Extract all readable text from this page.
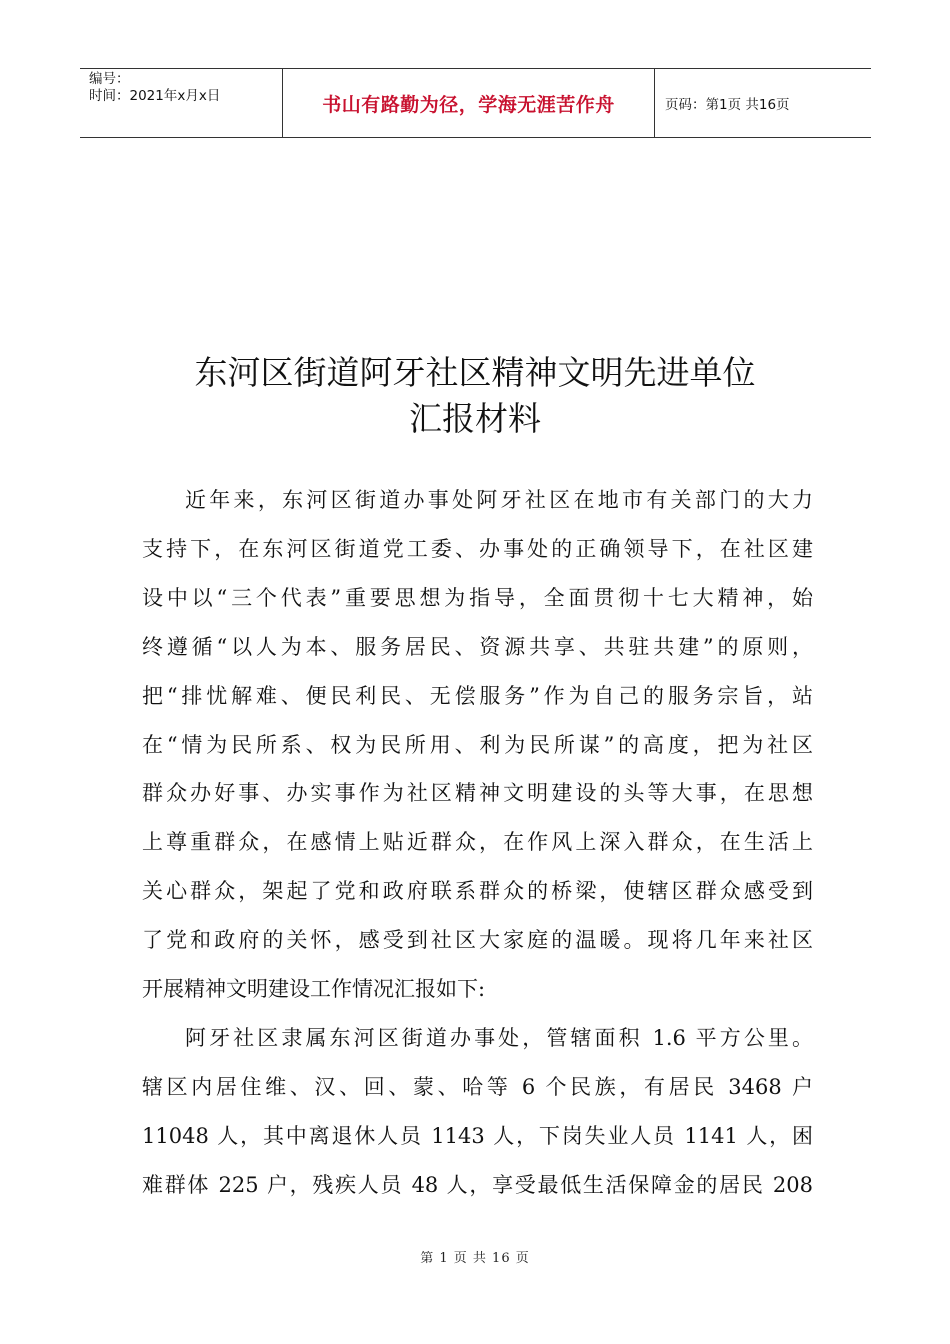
编号：
时间：2021年x月x日	书山有路勤为径，学海无涯苦作舟	页码：第1页 共16页
东河区街道阿牙社区精神文明先进单位
汇报材料
近年来，东河区街道办事处阿牙社区在地市有关部门的大力
支持下，在东河区街道党工委、办事处的正确领导下，在社区建
设中以“三个代表”重要思想为指导，全面贯彻十七大精神，始
终遵循“以人为本、服务居民、资源共享、共驻共建”的原则，
把“排忧解难、便民利民、无偿服务”作为自己的服务宗旨，站
在“情为民所系、权为民所用、利为民所谋”的高度，把为社区
群众办好事、办实事作为社区精神文明建设的头等大事，在思想
上尊重群众，在感情上贴近群众，在作风上深入群众，在生活上
关心群众，架起了党和政府联系群众的桥梁，使辖区群众感受到
了党和政府的关怀，感受到社区大家庭的温暖。现将几年来社区
开展精神文明建设工作情况汇报如下:
阿牙社区隶属东河区街道办事处，管辖面积 1.6 平方公里。
辖区内居住维、汉、回、蒙、哈等 6 个民族，有居民 3468 户
11048 人，其中离退休人员 1143 人，下岗失业人员 1141 人，困
难群体 225 户，残疾人员 48 人，享受最低生活保障金的居民 208
第 1 页 共 16 页
